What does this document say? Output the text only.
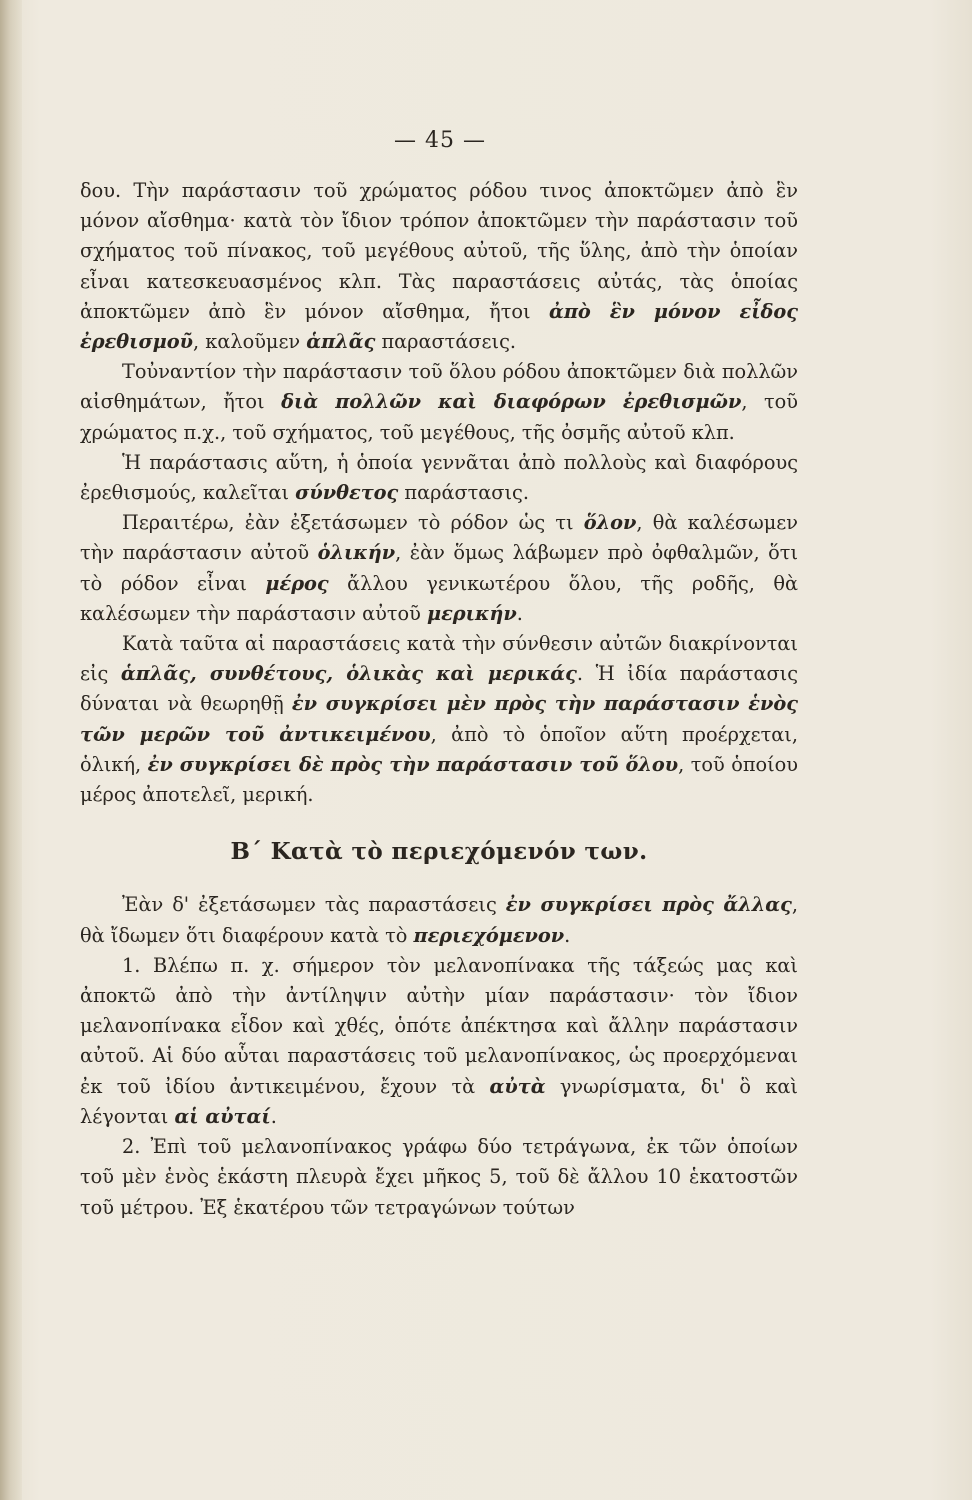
— 45 —

δου. Τὴν παράστασιν τοῦ χρώματος ρόδου τινος ἀποκτῶμεν ἀπὸ ἓν μόνον αἴσθημα· κατὰ τὸν ἴδιον τρόπον ἀποκτῶμεν τὴν παράστασιν τοῦ σχήματος τοῦ πίνακος, τοῦ μεγέθους αὐτοῦ, τῆς ὕλης, ἀπὸ τὴν ὁποίαν εἶναι κατεσκευασμένος κλπ. Τὰς παραστάσεις αὐτάς, τὰς ὁποίας ἀποκτῶμεν ἀπὸ ἓν μόνον αἴσθημα, ἤτοι ἀπὸ ἓν μόνον εἶδος ἐρεθισμοῦ, καλοῦμεν ἁπλᾶς παραστάσεις.

Τοὐναντίον τὴν παράστασιν τοῦ ὅλου ρόδου ἀποκτῶμεν διὰ πολλῶν αἰσθημάτων, ἤτοι διὰ πολλῶν καὶ διαφόρων ἐρεθισμῶν, τοῦ χρώματος π.χ., τοῦ σχήματος, τοῦ μεγέθους, τῆς ὀσμῆς αὐτοῦ κλπ.

Ἡ παράστασις αὕτη, ἡ ὁποία γεννᾶται ἀπὸ πολλοὺς καὶ διαφόρους ἐρεθισμούς, καλεῖται σύνθετος παράστασις.

Περαιτέρω, ἐὰν ἐξετάσωμεν τὸ ρόδον ὡς τι ὅλον, θὰ καλέσωμεν τὴν παράστασιν αὐτοῦ ὁλικήν, ἐὰν ὅμως λάβωμεν πρὸ ὀφθαλμῶν, ὅτι τὸ ρόδον εἶναι μέρος ἄλλου γενικωτέρου ὅλου, τῆς ροδῆς, θὰ καλέσωμεν τὴν παράστασιν αὐτοῦ μερικήν.

Κατὰ ταῦτα αἱ παραστάσεις κατὰ τὴν σύνθεσιν αὐτῶν διακρίνονται εἰς ἁπλᾶς, συνθέτους, ὁλικὰς καὶ μερικάς. Ἡ ἰδία παράστασις δύναται νὰ θεωρηθῇ ἐν συγκρίσει μὲν πρὸς τὴν παράστασιν ἑνὸς τῶν μερῶν τοῦ ἀντικειμένου, ἀπὸ τὸ ὁποῖον αὕτη προέρχεται, ὁλική, ἐν συγκρίσει δὲ πρὸς τὴν παράστασιν τοῦ ὅλου, τοῦ ὁποίου μέρος ἀποτελεῖ, μερική.

Β΄ Κατὰ τὸ περιεχόμενόν των.

Ἐὰν δ' ἐξετάσωμεν τὰς παραστάσεις ἐν συγκρίσει πρὸς ἄλλας, θὰ ἴδωμεν ὅτι διαφέρουν κατὰ τὸ περιεχόμενον.

1. Βλέπω π. χ. σήμερον τὸν μελανοπίνακα τῆς τάξεώς μας καὶ ἀποκτῶ ἀπὸ τὴν ἀντίληψιν αὐτὴν μίαν παράστασιν· τὸν ἴδιον μελανοπίνακα εἶδον καὶ χθές, ὁπότε ἀπέκτησα καὶ ἄλλην παράστασιν αὐτοῦ. Αἱ δύο αὗται παραστάσεις τοῦ μελανοπίνακος, ὡς προερχόμεναι ἐκ τοῦ ἰδίου ἀντικειμένου, ἔχουν τὰ αὐτὰ γνωρίσματα, δι' ὃ καὶ λέγονται αἱ αὐταί.

2. Ἐπὶ τοῦ μελανοπίνακος γράφω δύο τετράγωνα, ἐκ τῶν ὁποίων τοῦ μὲν ἑνὸς ἑκάστη πλευρὰ ἔχει μῆκος 5, τοῦ δὲ ἄλλου 10 ἑκατοστῶν τοῦ μέτρου. Ἐξ ἑκατέρου τῶν τετραγώνων τούτων
